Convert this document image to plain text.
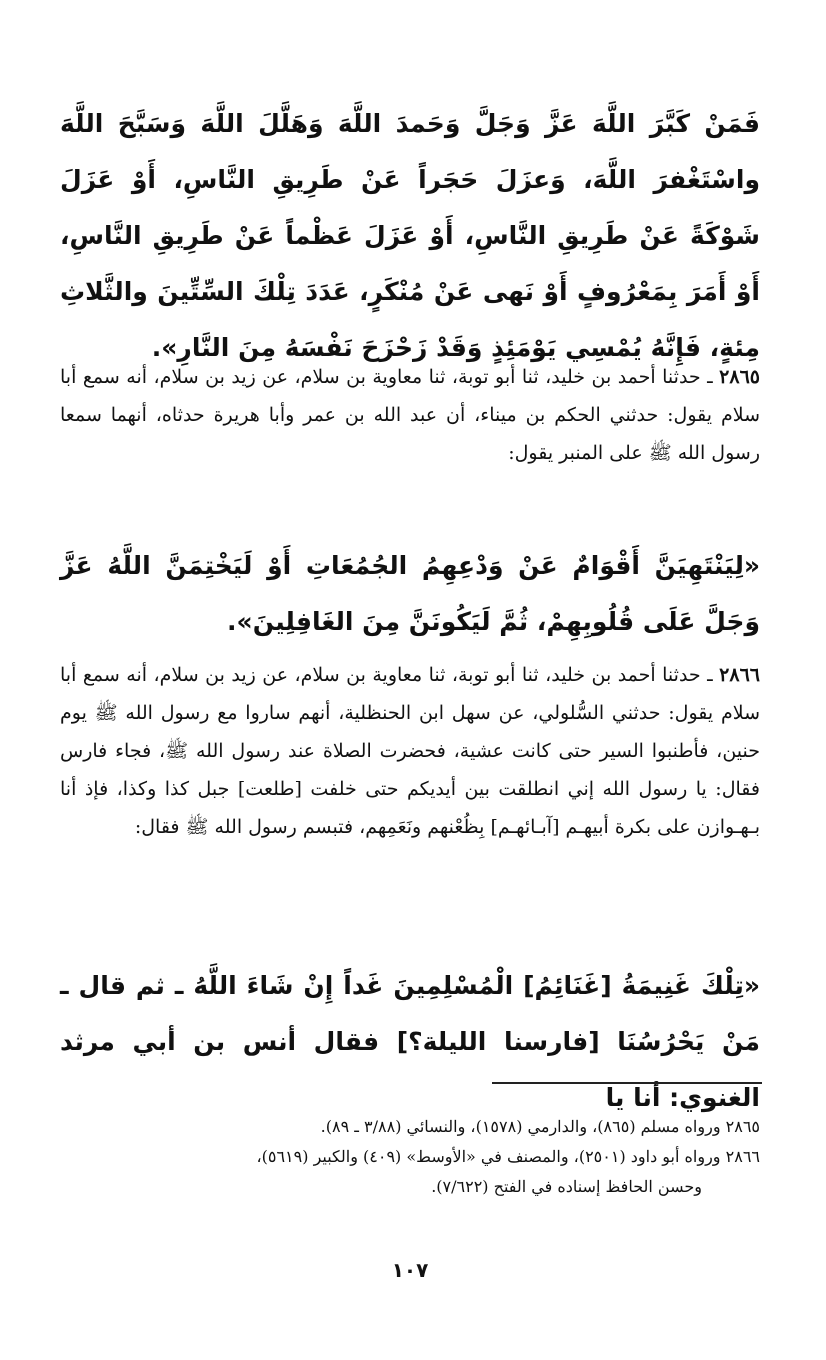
فَمَنْ كَبَّرَ اللَّهَ عَزَّ وَجَلَّ وَحَمدَ اللَّهَ وَهَلَّلَ اللَّهَ وَسَبَّحَ اللَّهَ واسْتَغْفرَ اللَّهَ، وَعزَلَ حَجَراً عَنْ طَرِيقِ النَّاسِ، أَوْ عَزَلَ شَوْكَةً عَنْ طَرِيقِ النَّاسِ، أَوْ عَزَلَ عَظْماً عَنْ طَرِيقِ النَّاسِ، أَوْ أَمَرَ بِمَعْرُوفٍ أَوْ نَهى عَنْ مُنْكَرٍ، عَدَدَ تِلْكَ السِّتِّينَ والثَّلاثِ مِئةٍ، فَإِنَّهُ يُمْسِي يَوْمَئِذٍ وَقَدْ زَحْزَحَ نَفْسَهُ مِنَ النَّارِ».

٢٨٦٥ ـ حدثنا أحمد بن خليد، ثنا أبو توبة، ثنا معاوية بن سلام، عن زيد بن سلام، أنه سمع أبا سلام يقول: حدثني الحكم بن ميناء، أن عبد الله بن عمر وأبا هريرة حدثاه، أنهما سمعا رسول الله ﷺ على المنبر يقول:

«لِيَنْتَهِيَنَّ أَقْوَامٌ عَنْ وَدْعِهِمُ الجُمُعَاتِ أَوْ لَيَخْتِمَنَّ اللَّهُ عَزَّ وَجَلَّ عَلَى قُلُوبِهِمْ، ثُمَّ لَيَكُونَنَّ مِنَ الغَافِلِينَ».

٢٨٦٦ ـ حدثنا أحمد بن خليد، ثنا أبو توبة، ثنا معاوية بن سلام، عن زيد بن سلام، أنه سمع أبا سلام يقول: حدثني السُّلولي، عن سهل ابن الحنظلية، أنهم ساروا مع رسول الله ﷺ يوم حنين، فأطنبوا السير حتى كانت عشية، فحضرت الصلاة عند رسول الله ﷺ، فجاء فارس فقال: يا رسول الله إني انطلقت بين أيديكم حتى خلفت [طلعت] جبل كذا وكذا، فإذ أنا بـهـوازن على بكرة أبيهـم [آبـائهـم] بِظُعْنهم ونَعَمِهم، فتبسم رسول الله ﷺ فقال:

«تِلْكَ غَنِيمَةُ [غَنَائِمُ] الْمُسْلِمِينَ غَداً إِنْ شَاءَ اللَّهُ ـ ثم قال ـ مَنْ يَحْرُسُنَا [فارسنا الليلة؟] فقال أنس بن أبي مرثد الغنوي: أنا يا

٢٨٦٥ ورواه مسلم (٨٦٥)، والدارمي (١٥٧٨)، والنسائي (٣/٨٨ ـ ٨٩).

٢٨٦٦ ورواه أبو داود (٢٥٠١)، والمصنف في «الأوسط» (٤٠٩) والكبير (٥٦١٩)،

وحسن الحافظ إسناده في الفتح (٧/٦٢٢).

١٠٧
